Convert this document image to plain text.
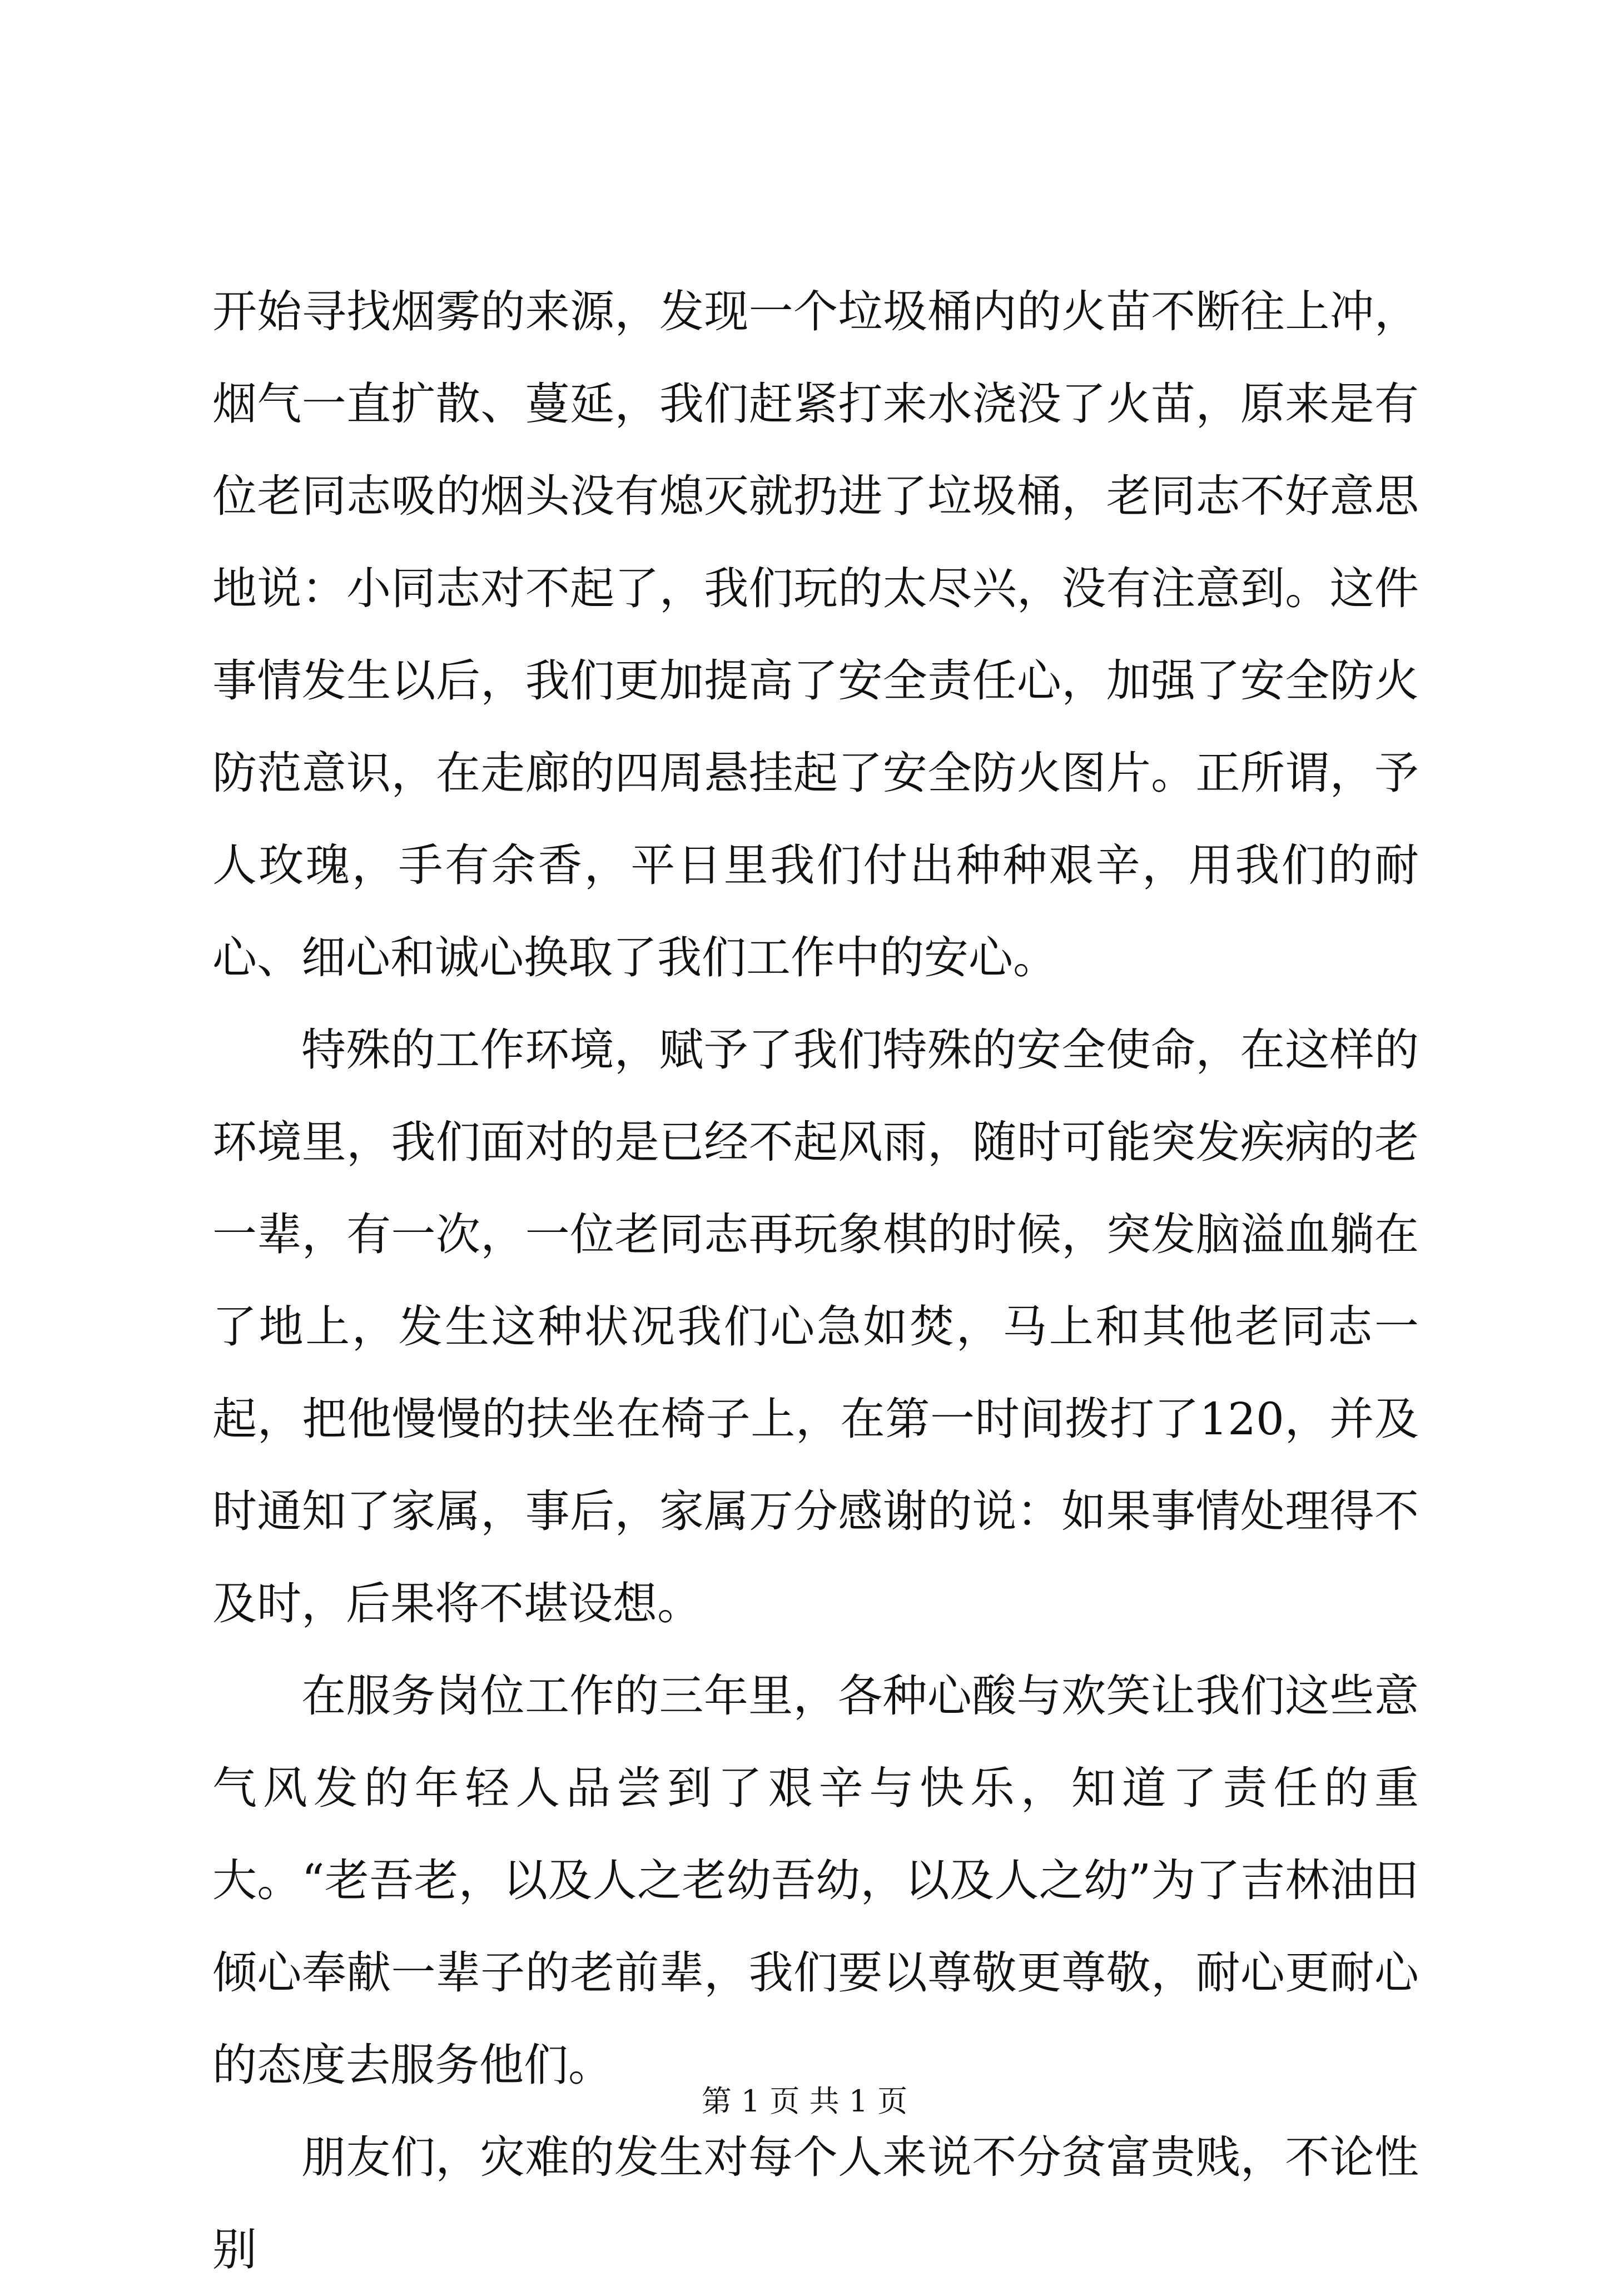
开始寻找烟雾的来源，发现一个垃圾桶内的火苗不断往上冲，烟气一直扩散、蔓延，我们赶紧打来水浇没了火苗，原来是有位老同志吸的烟头没有熄灭就扔进了垃圾桶，老同志不好意思地说：小同志对不起了，我们玩的太尽兴，没有注意到。这件事情发生以后，我们更加提高了安全责任心，加强了安全防火防范意识，在走廊的四周悬挂起了安全防火图片。正所谓，予人玫瑰，手有余香，平日里我们付出种种艰辛，用我们的耐心、细心和诚心换取了我们工作中的安心。

特殊的工作环境，赋予了我们特殊的安全使命，在这样的环境里，我们面对的是已经不起风雨，随时可能突发疾病的老一辈，有一次，一位老同志再玩象棋的时候，突发脑溢血躺在了地上，发生这种状况我们心急如焚，马上和其他老同志一起，把他慢慢的扶坐在椅子上，在第一时间拨打了120，并及时通知了家属，事后，家属万分感谢的说：如果事情处理得不及时，后果将不堪设想。

在服务岗位工作的三年里，各种心酸与欢笑让我们这些意气风发的年轻人品尝到了艰辛与快乐，知道了责任的重大。“老吾老，以及人之老幼吾幼，以及人之幼”为了吉林油田倾心奉献一辈子的老前辈，我们要以尊敬更尊敬，耐心更耐心的态度去服务他们。

朋友们，灾难的发生对每个人来说不分贫富贵贱，不论性别

第 1 页 共 1 页
